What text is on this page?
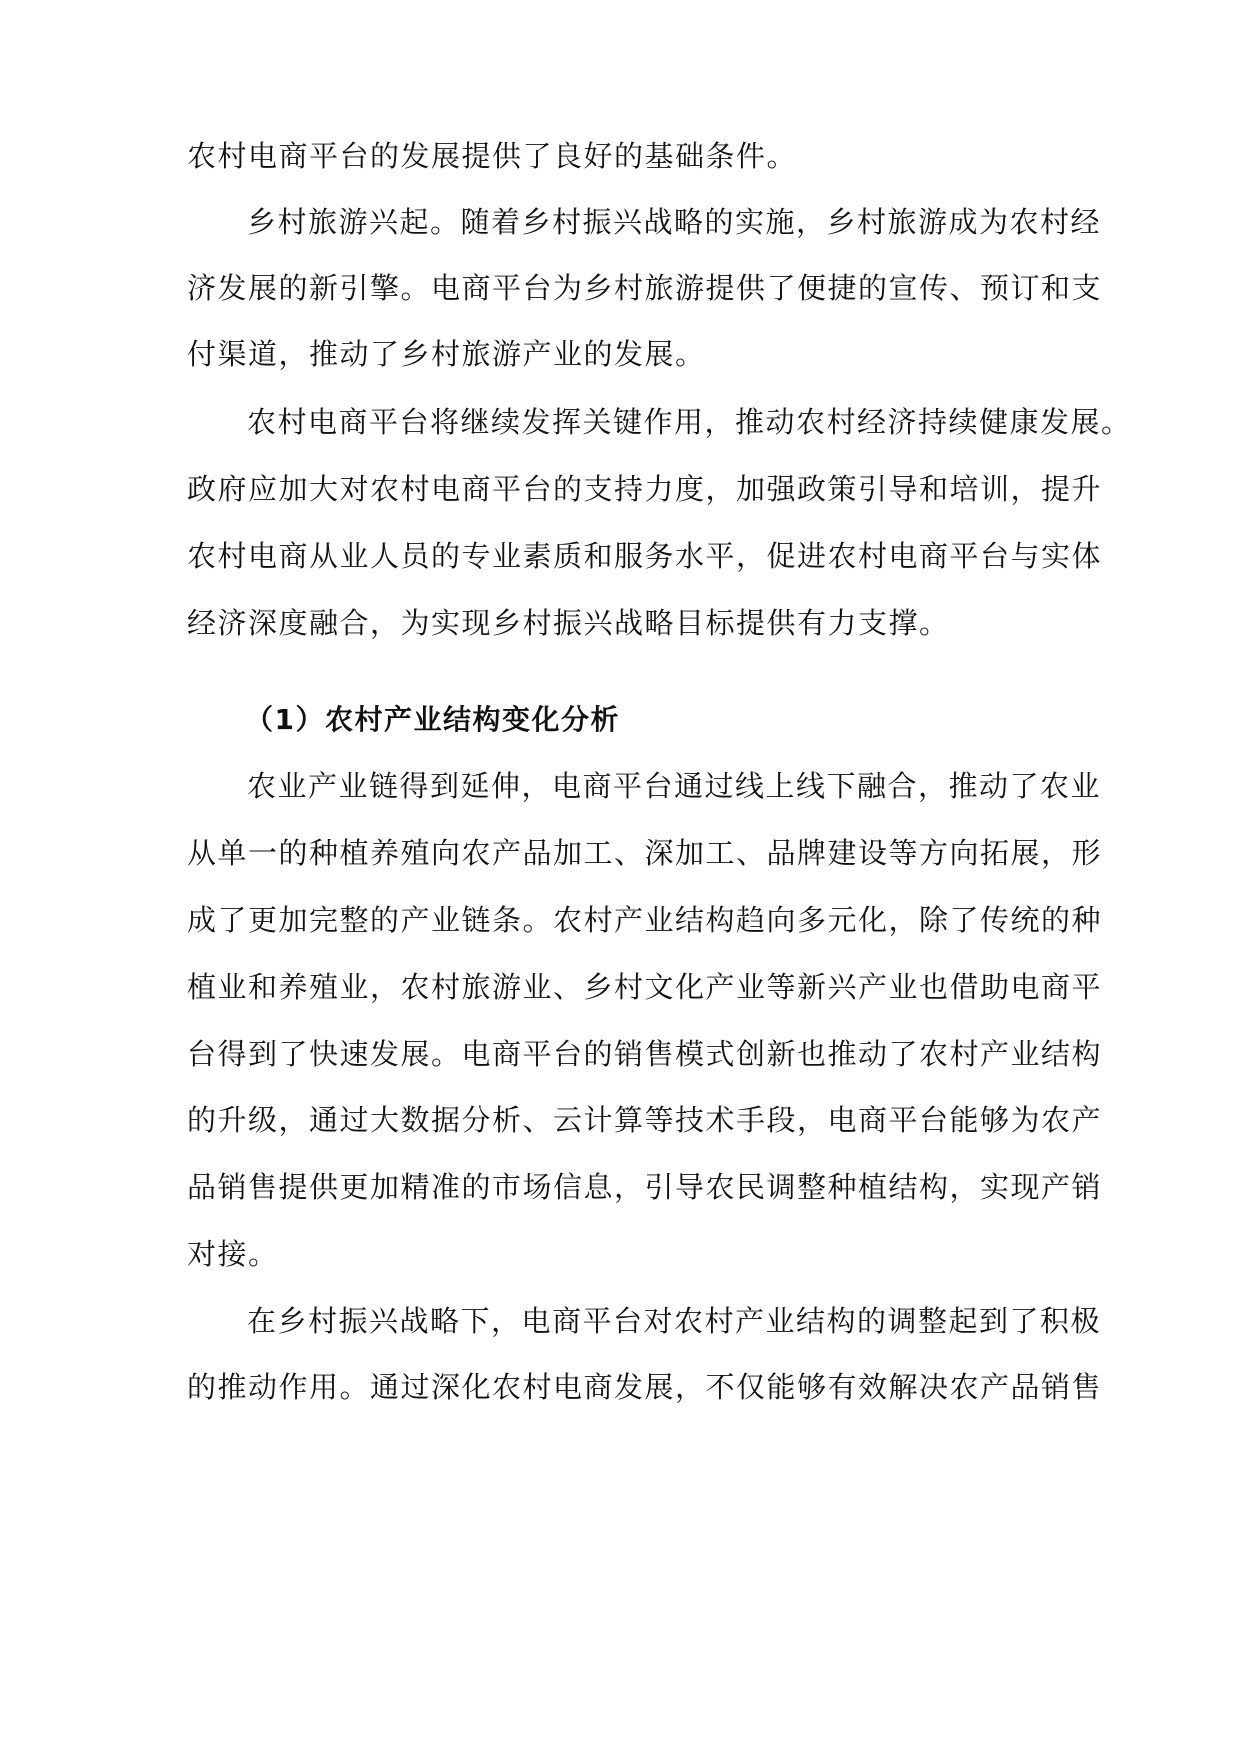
农村电商平台的发展提供了良好的基础条件。
乡村旅游兴起。随着乡村振兴战略的实施，乡村旅游成为农村经
济发展的新引擎。电商平台为乡村旅游提供了便捷的宣传、预订和支
付渠道，推动了乡村旅游产业的发展。
农村电商平台将继续发挥关键作用，推动农村经济持续健康发展。
政府应加大对农村电商平台的支持力度，加强政策引导和培训，提升
农村电商从业人员的专业素质和服务水平，促进农村电商平台与实体
经济深度融合，为实现乡村振兴战略目标提供有力支撑。
（1）农村产业结构变化分析
农业产业链得到延伸，电商平台通过线上线下融合，推动了农业
从单一的种植养殖向农产品加工、深加工、品牌建设等方向拓展，形
成了更加完整的产业链条。农村产业结构趋向多元化，除了传统的种
植业和养殖业，农村旅游业、乡村文化产业等新兴产业也借助电商平
台得到了快速发展。电商平台的销售模式创新也推动了农村产业结构
的升级，通过大数据分析、云计算等技术手段，电商平台能够为农产
品销售提供更加精准的市场信息，引导农民调整种植结构，实现产销
对接。
在乡村振兴战略下，电商平台对农村产业结构的调整起到了积极
的推动作用。通过深化农村电商发展，不仅能够有效解决农产品销售
